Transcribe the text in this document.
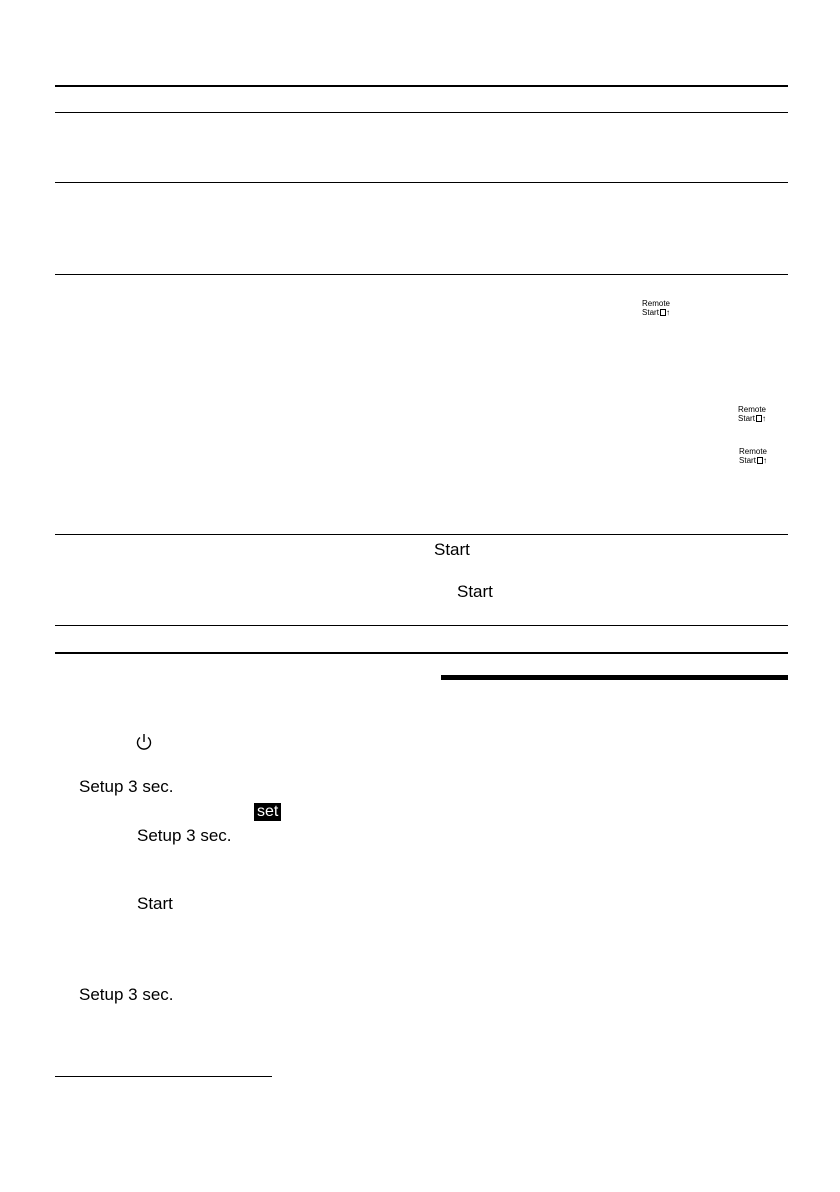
Remote
Start ↑
Remote
Start ↑
Remote
Start ↑
Start
Start
Setup 3 sec.
set
Setup 3 sec.
Start
Setup 3 sec.
